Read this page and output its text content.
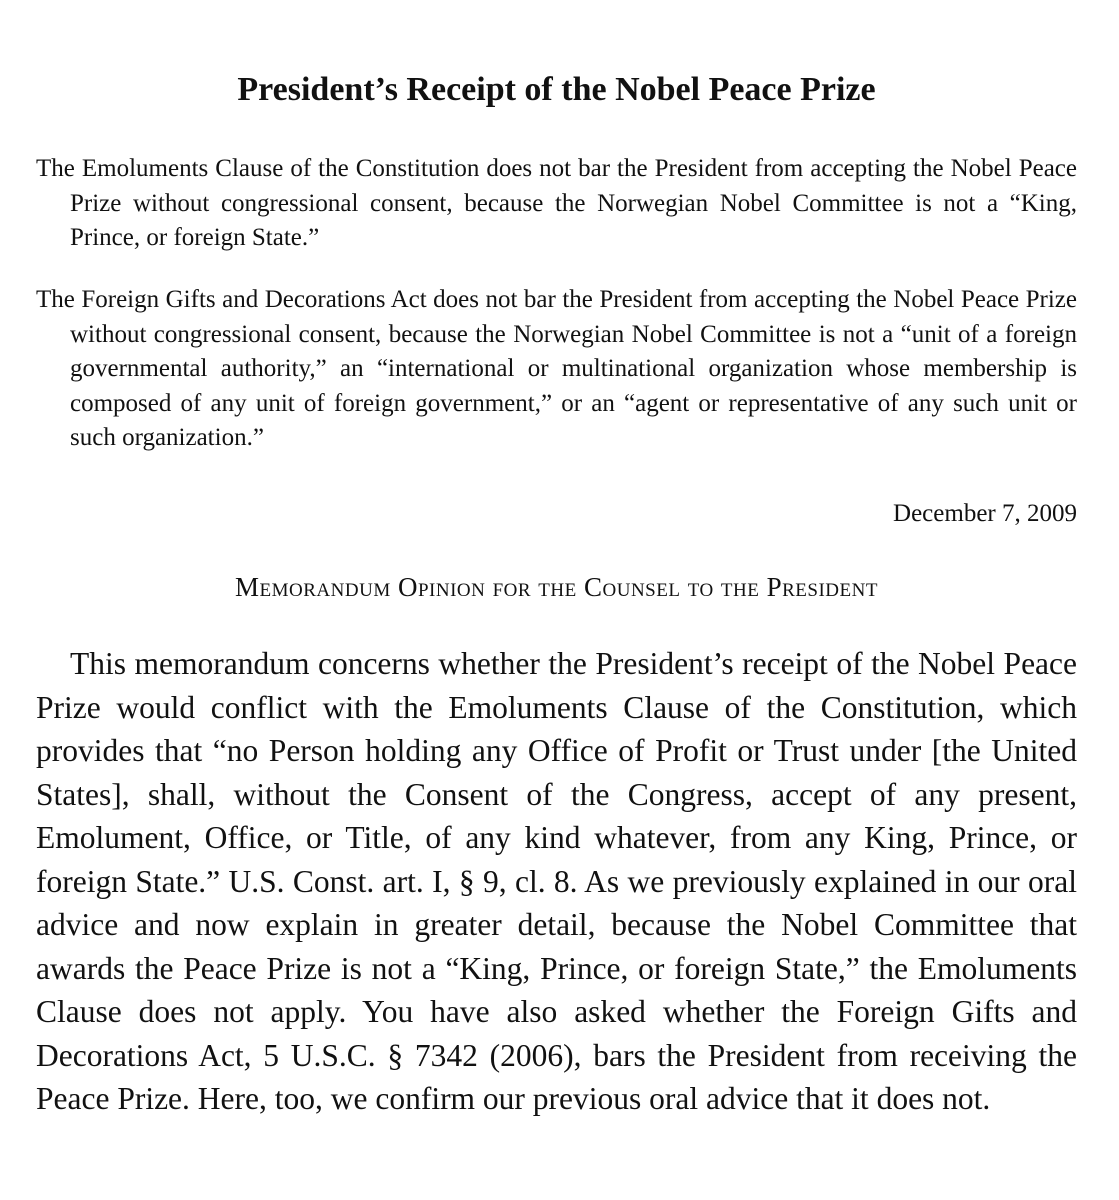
President’s Receipt of the Nobel Peace Prize

The Emoluments Clause of the Constitution does not bar the President from accepting the Nobel Peace Prize without congressional consent, because the Norwegian Nobel Committee is not a “King, Prince, or foreign State.”

The Foreign Gifts and Decorations Act does not bar the President from accepting the Nobel Peace Prize without congressional consent, because the Norwegian Nobel Committee is not a “unit of a foreign governmental authority,” an “international or multinational organization whose membership is composed of any unit of foreign government,” or an “agent or representative of any such unit or such organization.”

December 7, 2009
Memorandum Opinion for the Counsel to the President

This memorandum concerns whether the President’s receipt of the Nobel Peace Prize would conflict with the Emoluments Clause of the Constitution, which provides that “no Person holding any Office of Profit or Trust under [the United States], shall, without the Consent of the Congress, accept of any present, Emolument, Office, or Title, of any kind whatever, from any King, Prince, or foreign State.” U.S. Const. art. I, § 9, cl. 8. As we previously explained in our oral advice and now explain in greater detail, because the Nobel Committee that awards the Peace Prize is not a “King, Prince, or foreign State,” the Emoluments Clause does not apply. You have also asked whether the Foreign Gifts and Decorations Act, 5 U.S.C. § 7342 (2006), bars the President from receiving the Peace Prize. Here, too, we confirm our previous oral advice that it does not.
